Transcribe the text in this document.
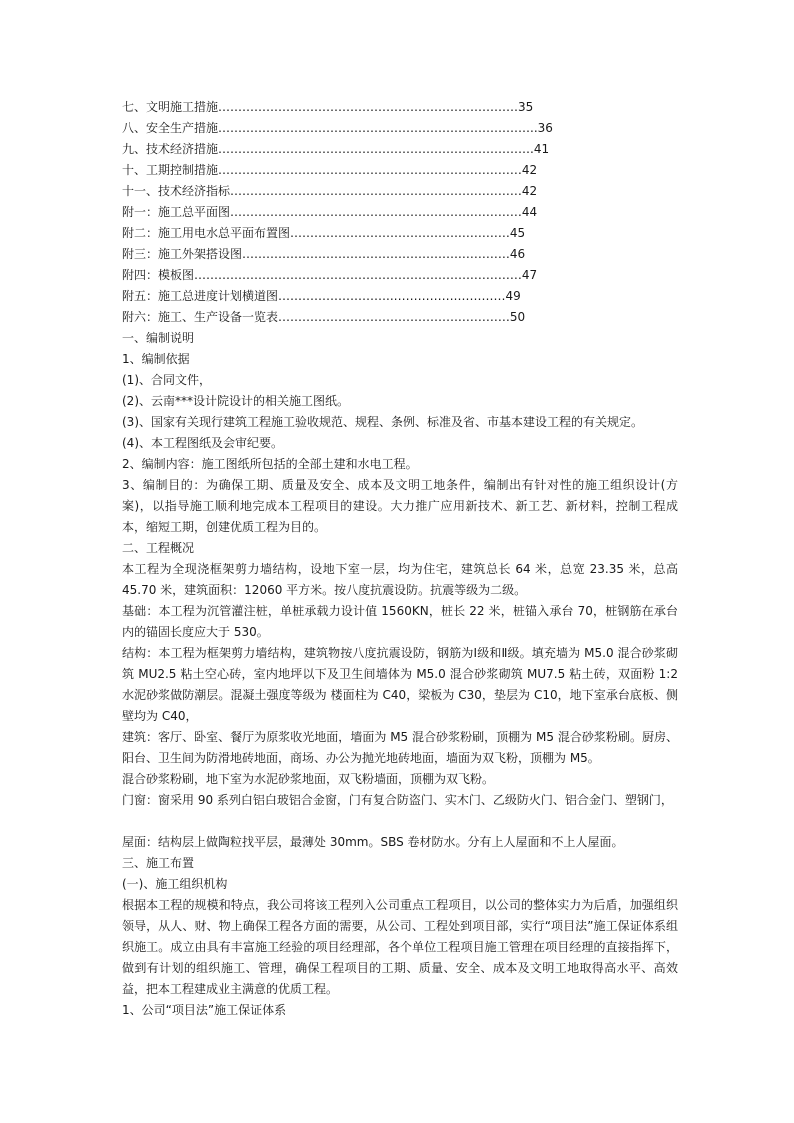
七、文明施工措施…………………………………………………………………35
八、安全生产措施……………………………………………………………………..36
九、技术经济措施…………………………………………………………………….41
十、工期控制措施……………………………………………………….…………42
十一、技术经济指标…………………………………………………….…………42
附一：施工总平面图…………………………………………………….…………44
附二：施工用电水总平面布置图…………………………………….…………45
附三：施工外架搭设图……………………………………………….…………46
附四：模板图…………………………………………………………….…………47
附五：施工总进度计划横道图………………………..…………….…………49
附六：施工、生产设备一览表……………………………………….…………50
一、编制说明
1、编制依据
(1)、合同文件，
(2)、云南***设计院设计的相关施工图纸。
(3)、国家有关现行建筑工程施工验收规范、规程、条例、标准及省、市基本建设工程的有关规定。
(4)、本工程图纸及会审纪要。
2、编制内容：施工图纸所包括的全部土建和水电工程。
3、编制目的：为确保工期、质量及安全、成本及文明工地条件，编制出有针对性的施工组织设计(方案)，以指导施工顺利地完成本工程项目的建设。大力推广应用新技术、新工艺、新材料，控制工程成本，缩短工期，创建优质工程为目的。
二、工程概况
本工程为全现浇框架剪力墙结构，设地下室一层，均为住宅，建筑总长 64 米，总宽 23.35 米，总高 45.70 米，建筑面积：12060 平方米。按八度抗震设防。抗震等级为二级。
基础：本工程为沉管灌注桩，单桩承载力设计值 1560KN，桩长 22 米，桩锚入承台 70，桩钢筋在承台内的锚固长度应大于 530。
结构：本工程为框架剪力墙结构，建筑物按八度抗震设防，钢筋为Ⅰ级和Ⅱ级。填充墙为 M5.0 混合砂浆砌筑 MU2.5 粘土空心砖，室内地坪以下及卫生间墙体为 M5.0 混合砂浆砌筑 MU7.5 粘土砖，双面粉 1:2 水泥砂浆做防潮层。混凝土强度等级为 楼面柱为 C40，梁板为 C30，垫层为 C10，地下室承台底板、侧壁均为 C40，
建筑：客厅、卧室、餐厅为原浆收光地面，墙面为 M5 混合砂浆粉刷，顶棚为 M5 混合砂浆粉刷。厨房、阳台、卫生间为防滑地砖地面，商场、办公为抛光地砖地面，墙面为双飞粉，顶棚为 M5。
混合砂浆粉刷，地下室为水泥砂浆地面，双飞粉墙面，顶棚为双飞粉。
门窗：窗采用 90 系列白铝白玻铝合金窗，门有复合防盗门、实木门、乙级防火门、铝合金门、塑钢门，
屋面：结构层上做陶粒找平层，最薄处 30mm。SBS 卷材防水。分有上人屋面和不上人屋面。
三、施工布置
(一)、施工组织机构
根据本工程的规模和特点，我公司将该工程列入公司重点工程项目，以公司的整体实力为后盾，加强组织领导，从人、财、物上确保工程各方面的需要，从公司、工程处到项目部，实行“项目法”施工保证体系组织施工。成立由具有丰富施工经验的项目经理部，各个单位工程项目施工管理在项目经理的直接指挥下，做到有计划的组织施工、管理，确保工程项目的工期、质量、安全、成本及文明工地取得高水平、高效益，把本工程建成业主满意的优质工程。
1、公司“项目法”施工保证体系
